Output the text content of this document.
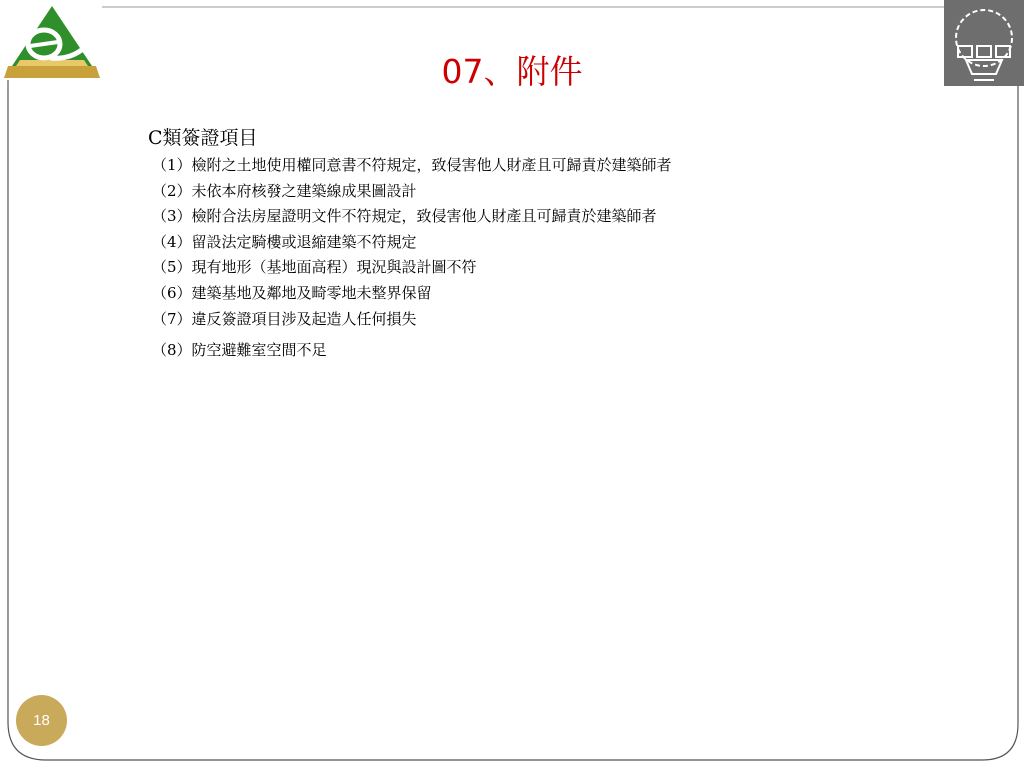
07、附件
C類簽證項目
（1）檢附之土地使用權同意書不符規定，致侵害他人財產且可歸責於建築師者
（2）未依本府核發之建築線成果圖設計
（3）檢附合法房屋證明文件不符規定，致侵害他人財產且可歸責於建築師者
（4）留設法定騎樓或退縮建築不符規定
（5）現有地形（基地面高程）現況與設計圖不符
（6）建築基地及鄰地及畸零地未整界保留
（7）違反簽證項目涉及起造人任何損失
（8）防空避難室空間不足
18
